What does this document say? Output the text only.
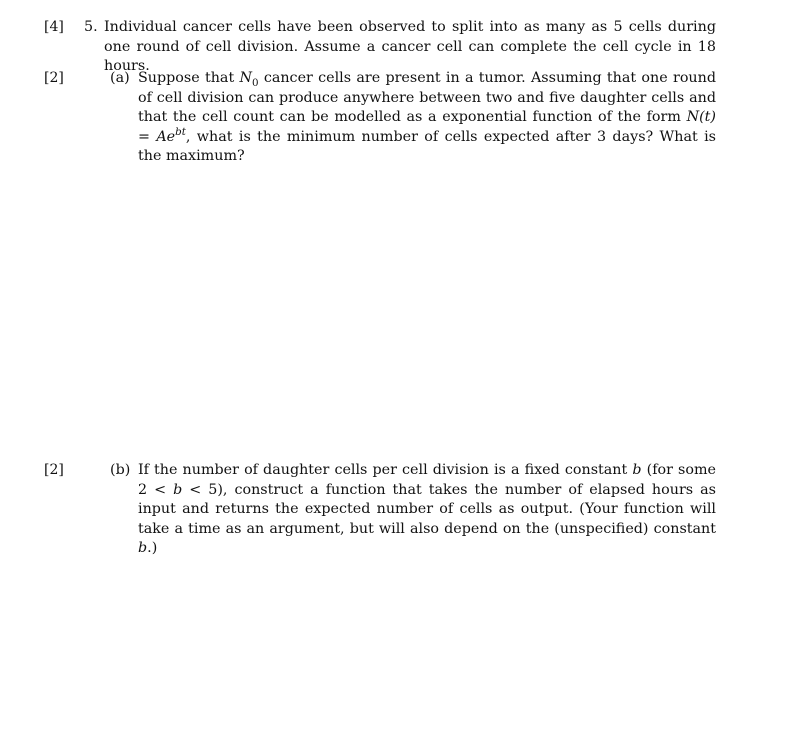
[4] 5. Individual cancer cells have been observed to split into as many as 5 cells during one round of cell division. Assume a cancer cell can complete the cell cycle in 18 hours.
[2]	(a) Suppose that $N_0$ cancer cells are present in a tumor. Assuming that one round of cell division can produce anywhere between two and five daughter cells and that the cell count can be modelled as a exponential function of the form $N(t) = Ae^{bt}$, what is the minimum number of cells expected after 3 days? What is the maximum?
[2]	(b) If the number of daughter cells per cell division is a fixed constant b (for some 2 < b < 5), construct a function that takes the number of elapsed hours as input and returns the expected number of cells as output. (Your function will take a time as an argument, but will also depend on the (unspecified) constant b.)
